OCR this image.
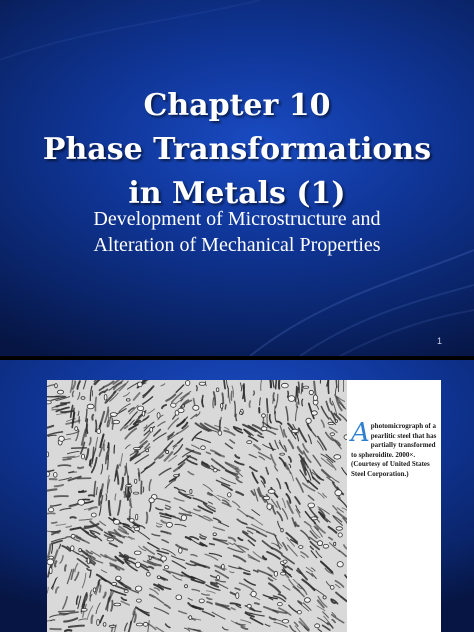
Chapter 10
Phase Transformations
in Metals (1)
Development of Microstructure and
Alteration of Mechanical Properties
1
Aphotomicrograph of a pearlitic steel that has partially transformed to spheroidite. 2000×. (Courtesy of United States Steel Corporation.)
